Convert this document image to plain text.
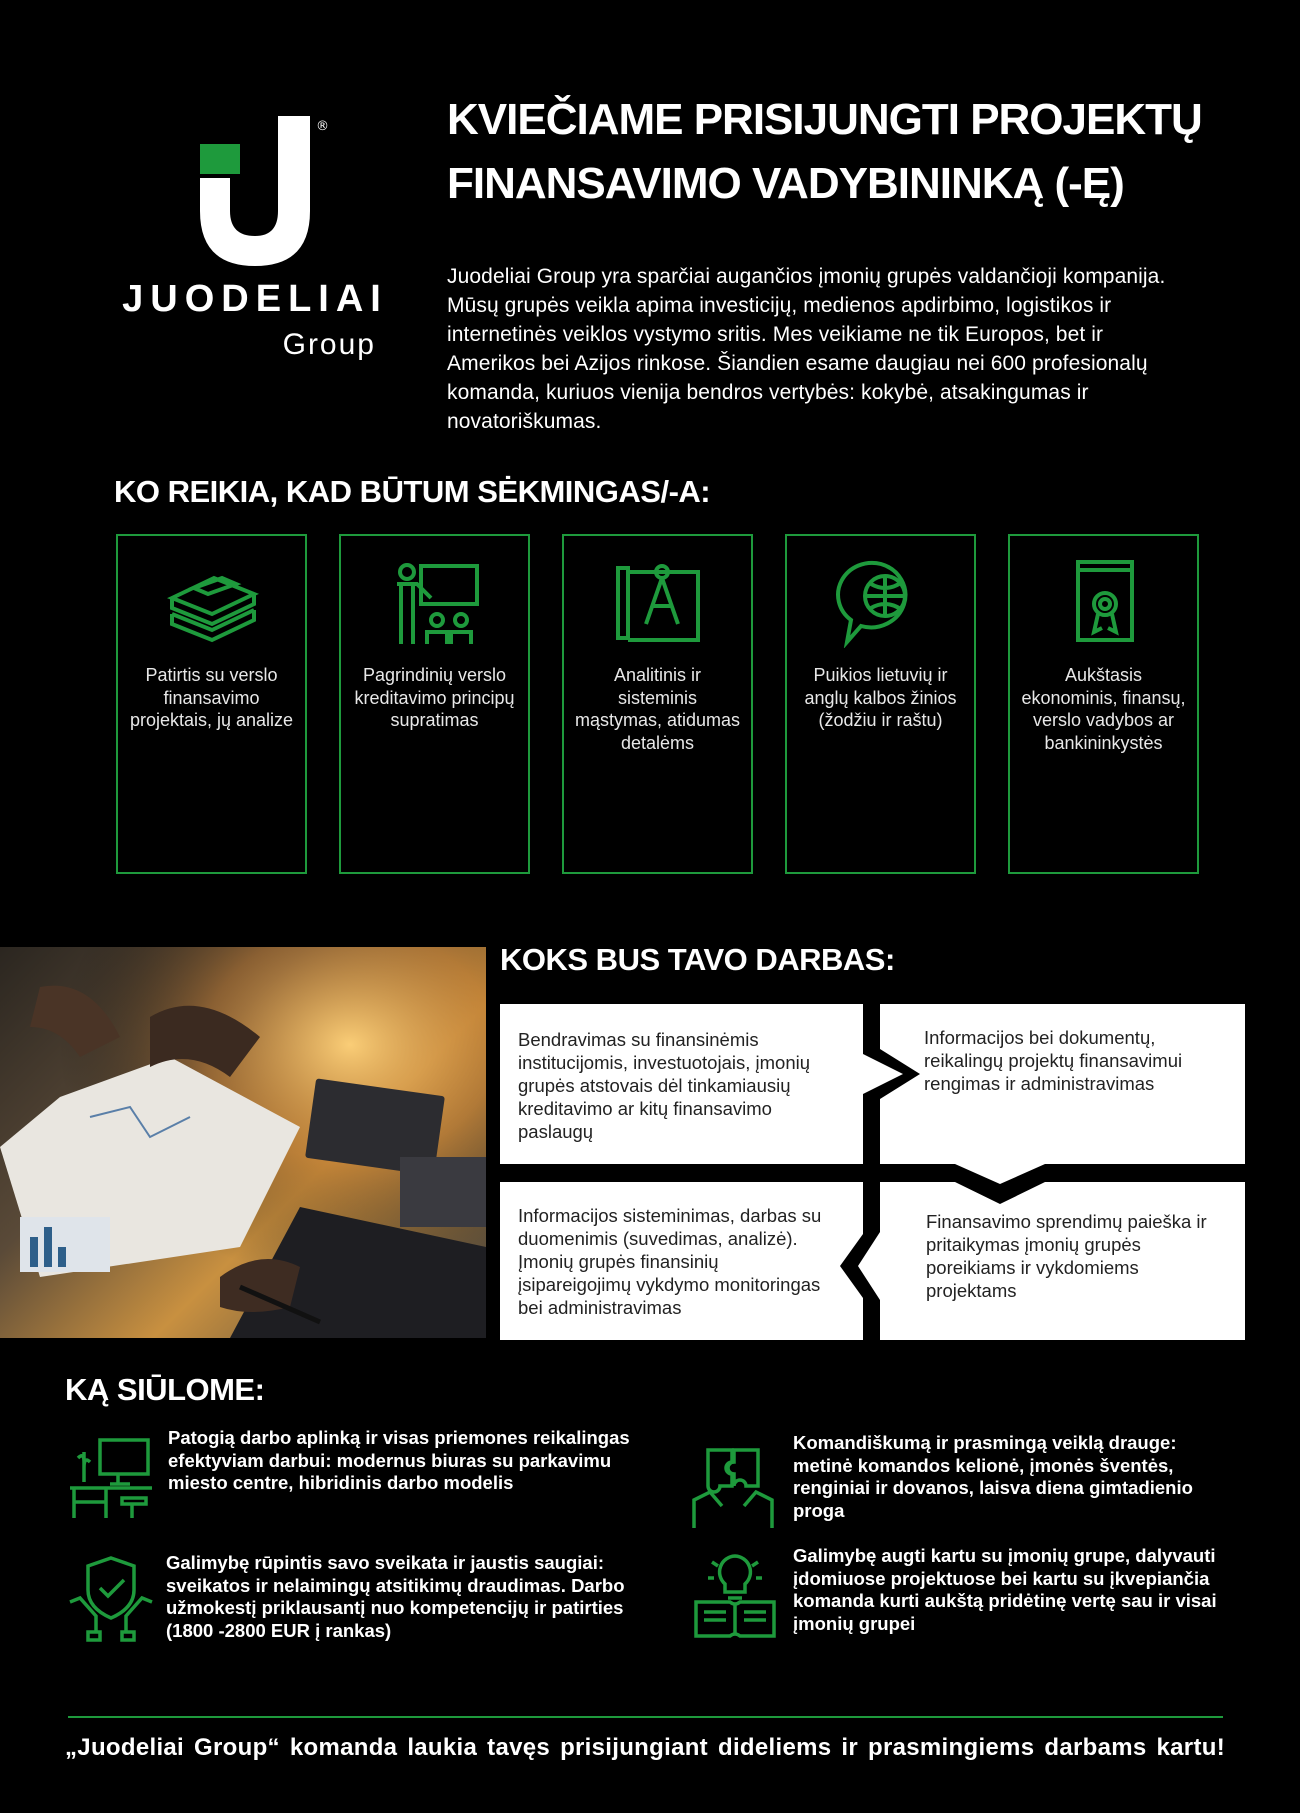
®
JUODELIAI
Group
KVIEČIAME PRISIJUNGTI PROJEKTŲ
FINANSAVIMO VADYBININKĄ (-Ę)
Juodeliai Group yra sparčiai augančios įmonių grupės valdančioji kompanija. Mūsų grupės veikla apima investicijų, medienos apdirbimo, logistikos ir internetinės veiklos vystymo sritis. Mes veikiame ne tik Europos, bet ir Amerikos bei Azijos rinkose. Šiandien esame daugiau nei 600 profesionalų komanda, kuriuos vienija bendros vertybės: kokybė, atsakingumas ir novatoriškumas.
KO REIKIA, KAD BŪTUM SĖKMINGAS/-A:
Patirtis su verslo finansavimo projektais, jų analize
Pagrindinių verslo kreditavimo principų supratimas
Analitinis ir sisteminis mąstymas, atidumas detalėms
Puikios lietuvių ir anglų kalbos žinios (žodžiu ir raštu)
Aukštasis ekonominis, finansų, verslo vadybos ar bankininkystės
KOKS BUS TAVO DARBAS:
Bendravimas su finansinėmis institucijomis, investuotojais, įmonių grupės atstovais dėl tinkamiausių kreditavimo ar kitų finansavimo paslaugų
Informacijos bei dokumentų, reikalingų projektų finansavimui rengimas ir administravimas
Informacijos sisteminimas, darbas su duomenimis (suvedimas, analizė). Įmonių grupės finansinių įsipareigojimų vykdymo monitoringas bei administravimas
Finansavimo sprendimų paieška ir pritaikymas įmonių grupės poreikiams ir vykdomiems projektams
KĄ SIŪLOME:
Patogią darbo aplinką ir visas priemones reikalingas efektyviam darbui: modernus biuras su parkavimu miesto centre, hibridinis darbo modelis
Komandiškumą ir prasmingą veiklą drauge: metinė komandos kelionė, įmonės šventės, renginiai ir dovanos, laisva diena gimtadienio proga
Galimybę rūpintis savo sveikata ir jaustis saugiai: sveikatos ir nelaimingų atsitikimų draudimas. Darbo užmokestį priklausantį nuo kompetencijų ir patirties (1800 -2800 EUR į rankas)
Galimybę augti kartu su įmonių grupe, dalyvauti įdomiuose projektuose bei kartu su įkvepiančia komanda kurti aukštą pridėtinę vertę sau ir visai įmonių grupei
„Juodeliai Group“ komanda laukia tavęs prisijungiant dideliems ir prasmingiems darbams kartu!
